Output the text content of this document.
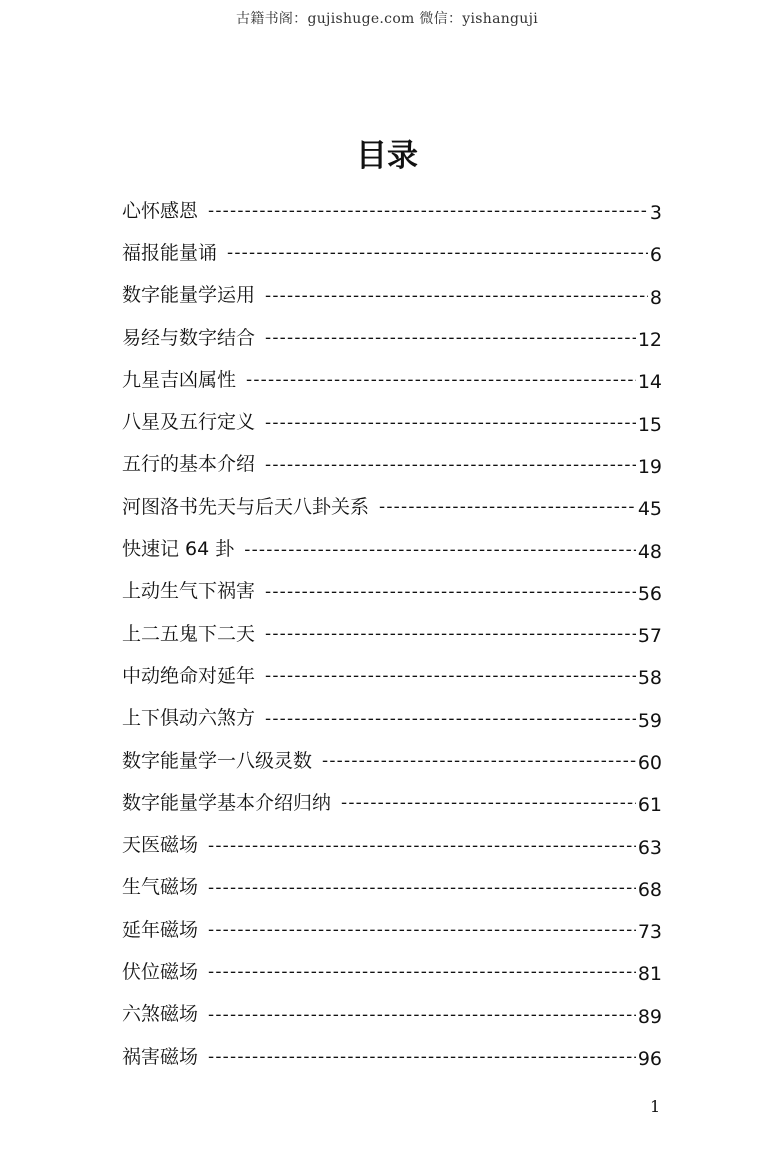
古籍书阁：gujishuge.com 微信：yishanguji
目录
心怀感恩 -----	3
福报能量诵 -----	6
数字能量学运用 -----	8
易经与数字结合 -----	12
九星吉凶属性 -----	14
八星及五行定义 -----	15
五行的基本介绍 -----	19
河图洛书先天与后天八卦关系 -----	45
快速记 64 卦 -----	48
上动生气下祸害 -----	56
上二五鬼下二天 -----	57
中动绝命对延年 -----	58
上下俱动六煞方 -----	59
数字能量学一八级灵数 -----	60
数字能量学基本介绍归纳 -----	61
天医磁场 -----	63
生气磁场 -----	68
延年磁场 -----	73
伏位磁场 -----	81
六煞磁场 -----	89
祸害磁场 -----	96
1
